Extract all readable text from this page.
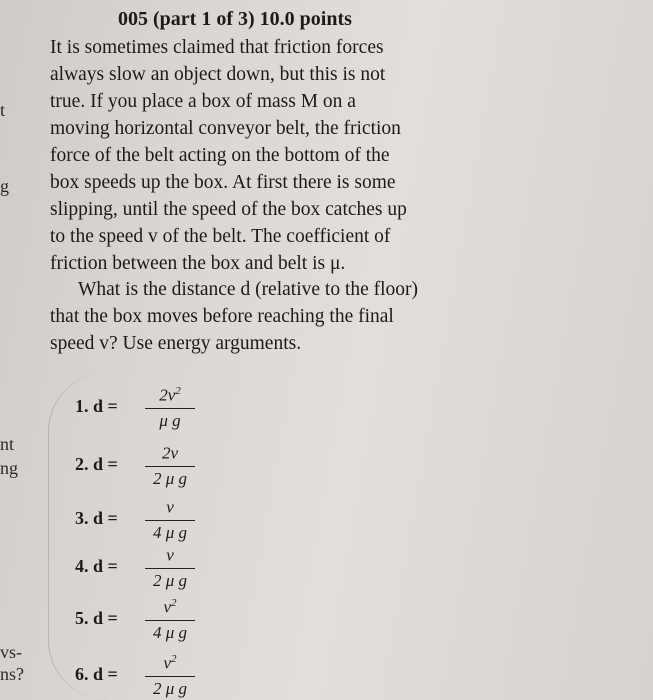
005 (part 1 of 3) 10.0 points
It is sometimes claimed that friction forces
always slow an object down, but this is not
true. If you place a box of mass M on a
moving horizontal conveyor belt, the friction
force of the belt acting on the bottom of the
box speeds up the box. At first there is some
slipping, until the speed of the box catches up
to the speed v of the belt. The coefficient of
friction between the box and belt is μ.
What is the distance d (relative to the floor)
that the box moves before reaching the final
speed v? Use energy arguments.
t
g
nt
ng
vs-
ns?
1. d =
$2v^2$
μ g
2. d =
2v
2 μ g
3. d =
v
4 μ g
4. d =
v
2 μ g
5. d =
$v^2$
4 μ g
6. d =
$v^2$
2 μ g
